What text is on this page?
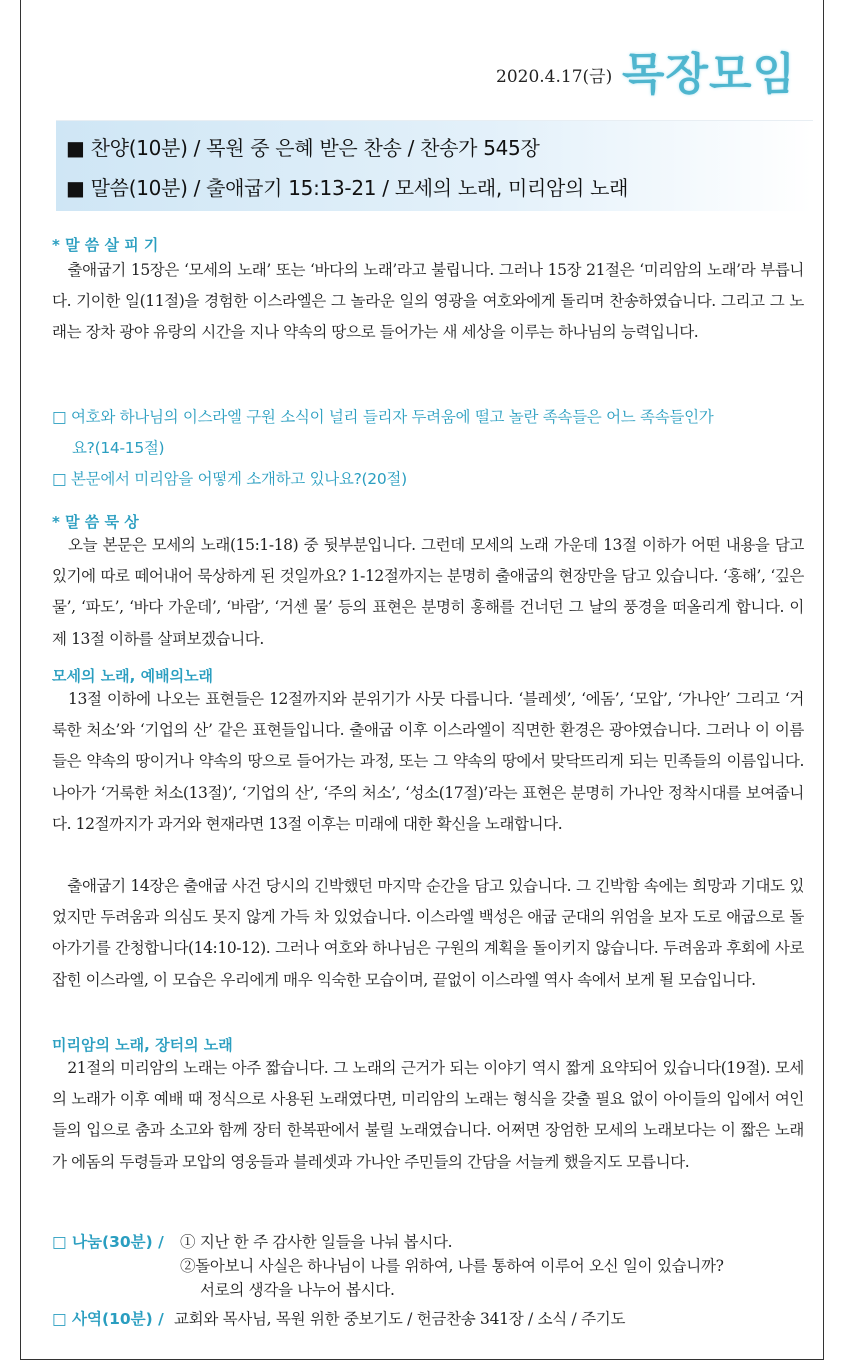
2020.4.17(금) 목장모임
■ 찬양(10분) / 목원 중 은혜 받은 찬송 / 찬송가 545장
■ 말씀(10분) / 출애굽기 15:13-21 / 모세의 노래, 미리암의 노래
* 말 씀 살 피 기
　출애굽기 15장은 ‘모세의 노래’ 또는 ‘바다의 노래’라고 불립니다. 그러나 15장 21절은 ‘미리암의 노래’라 부릅니다. 기이한 일(11절)을 경험한 이스라엘은 그 놀라운 일의 영광을 여호와에게 돌리며 찬송하였습니다. 그리고 그 노래는 장차 광야 유랑의 시간을 지나 약속의 땅으로 들어가는 새 세상을 이루는 하나님의 능력입니다.
□ 여호와 하나님의 이스라엘 구원 소식이 널리 들리자 두려움에 떨고 놀란 족속들은 어느 족속들인가
요?(14-15절)
□ 본문에서 미리암을 어떻게 소개하고 있나요?(20절)
* 말 씀 묵 상
　오늘 본문은 모세의 노래(15:1-18) 중 뒷부분입니다. 그런데 모세의 노래 가운데 13절 이하가 어떤 내용을 담고 있기에 따로 떼어내어 묵상하게 된 것일까요? 1-12절까지는 분명히 출애굽의 현장만을 담고 있습니다. ‘홍해’, ‘깊은 물’, ‘파도’, ‘바다 가운데’, ‘바람’, ‘거센 물’ 등의 표현은 분명히 홍해를 건너던 그 날의 풍경을 떠올리게 합니다. 이제 13절 이하를 살펴보겠습니다.
모세의 노래, 예배의노래
　13절 이하에 나오는 표현들은 12절까지와 분위기가 사뭇 다릅니다. ‘블레셋’, ‘에돔’, ‘모압’, ‘가나안’ 그리고 ‘거룩한 처소’와 ‘기업의 산’ 같은 표현들입니다. 출애굽 이후 이스라엘이 직면한 환경은 광야였습니다. 그러나 이 이름들은 약속의 땅이거나 약속의 땅으로 들어가는 과정, 또는 그 약속의 땅에서 맞닥뜨리게 되는 민족들의 이름입니다. 나아가 ‘거룩한 처소(13절)’, ‘기업의 산’, ‘주의 처소’, ‘성소(17절)’라는 표현은 분명히 가나안 정착시대를 보여줍니다. 12절까지가 과거와 현재라면 13절 이후는 미래에 대한 확신을 노래합니다.
　출애굽기 14장은 출애굽 사건 당시의 긴박했던 마지막 순간을 담고 있습니다. 그 긴박함 속에는 희망과 기대도 있었지만 두려움과 의심도 못지 않게 가득 차 있었습니다. 이스라엘 백성은 애굽 군대의 위엄을 보자 도로 애굽으로 돌아가기를 간청합니다(14:10-12). 그러나 여호와 하나님은 구원의 계획을 돌이키지 않습니다. 두려움과 후회에 사로잡힌 이스라엘, 이 모습은 우리에게 매우 익숙한 모습이며, 끝없이 이스라엘 역사 속에서 보게 될 모습입니다.
미리암의 노래, 장터의 노래
　21절의 미리암의 노래는 아주 짧습니다. 그 노래의 근거가 되는 이야기 역시 짧게 요약되어 있습니다(19절). 모세의 노래가 이후 예배 때 정식으로 사용된 노래였다면, 미리암의 노래는 형식을 갖출 필요 없이 아이들의 입에서 여인들의 입으로 춤과 소고와 함께 장터 한복판에서 불릴 노래였습니다. 어쩌면 장엄한 모세의 노래보다는 이 짧은 노래가 에돔의 두령들과 모압의 영웅들과 블레셋과 가나안 주민들의 간담을 서늘케 했을지도 모릅니다.
□ 나눔(30분) / ① 지난 한 주 감사한 일들을 나눠 봅시다.
②돌아보니 사실은 하나님이 나를 위하여, 나를 통하여 이루어 오신 일이 있습니까?
서로의 생각을 나누어 봅시다.
□ 사역(10분) / 교회와 목사님, 목원 위한 중보기도 / 헌금찬송 341장 / 소식 / 주기도
